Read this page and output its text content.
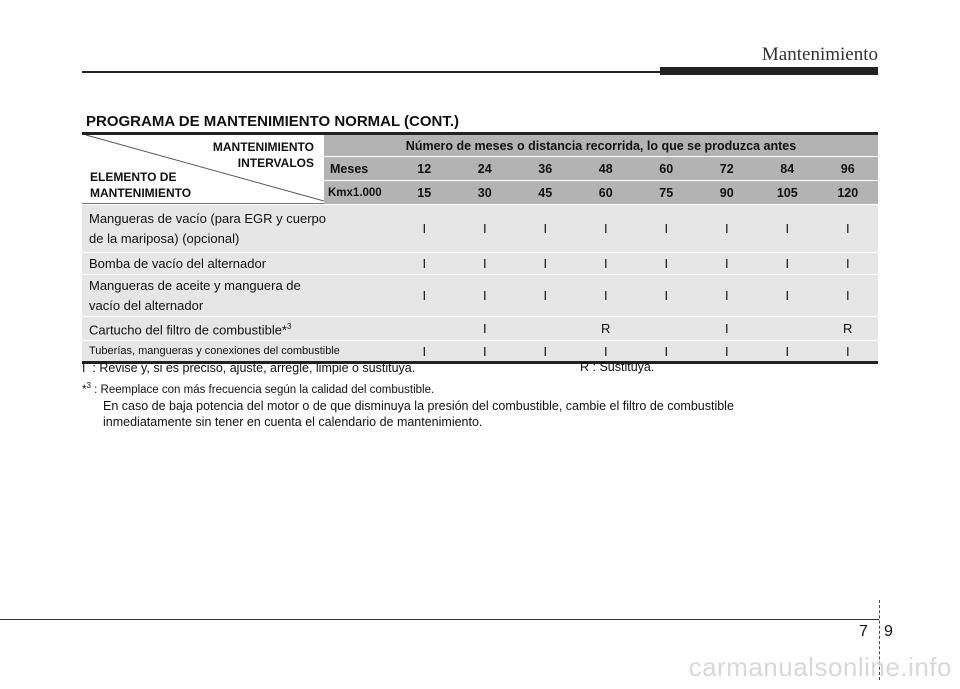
Mantenimiento
PROGRAMA DE MANTENIMIENTO NORMAL (CONT.)
MANTENIMIENTO
INTERVALOS
ELEMENTO DE
MANTENIMIENTO	Número de meses o distancia recorrida, lo que se produzca antes								
	Meses	12	24	36	48	60	72	84	96
	Kmx1.000	15	30	45	60	75	90	105	120

Mangueras de vacío (para EGR y cuerpo
de la mariposa) (opcional)		I	I	I	I	I	I	I	I
Bomba de vacío del alternador		I	I	I	I	I	I	I	I

Mangueras de aceite y manguera de
vacío del alternador		I	I	I	I	I	I	I	I
Cartucho del filtro de combustible*$^3$			I		R		I		R
Tuberías, mangueras y conexiones del combustible		I	I	I	I	I	I	I	I
I  : Revise y, si es preciso, ajuste, arregle, limpie o sustituya.
*$^3$ : Reemplace con más frecuencia según la calidad del combustible.
En caso de baja potencia del motor o de que disminuya la presión del combustible, cambie el filtro de combustible
inmediatamente sin tener en cuenta el calendario de mantenimiento.
R : Sustituya.
7 9
carmanualsonline.info
